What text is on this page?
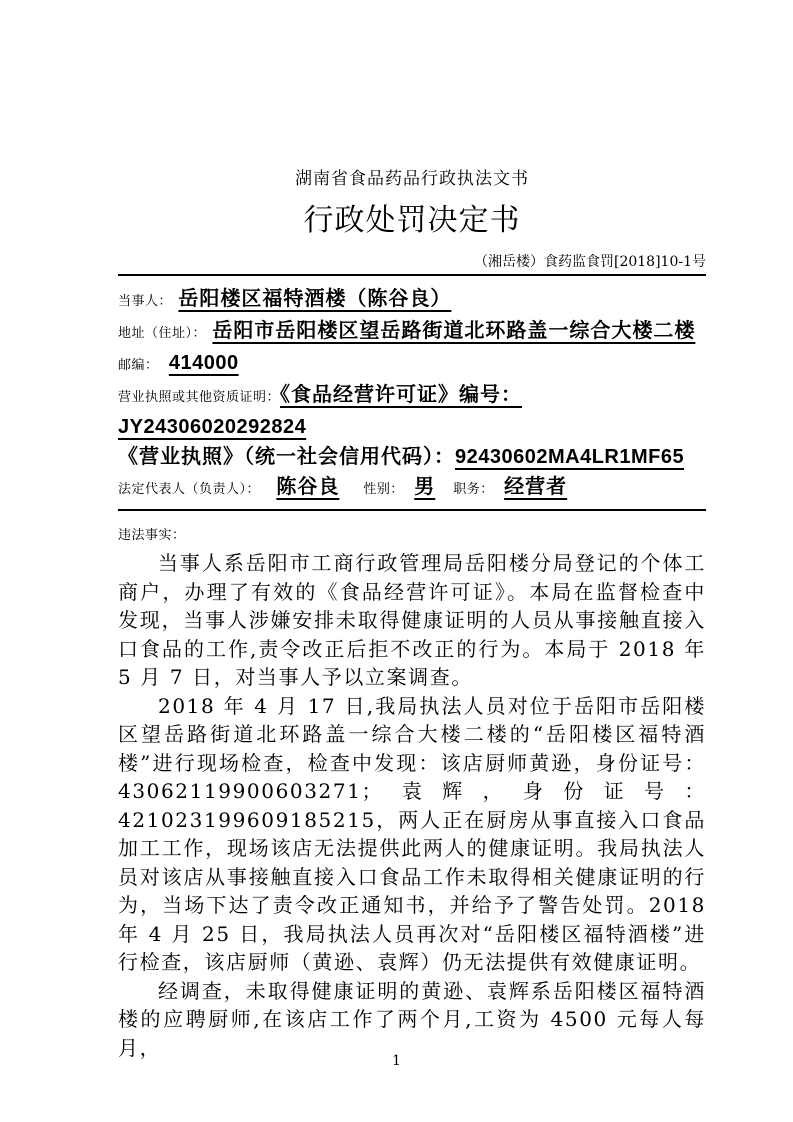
湖南省食品药品行政执法文书
行政处罚决定书
（湘岳楼）食药监食罚[2018]10-1号
当事人： 岳阳楼区福特酒楼（陈谷良）
地址（住址）： 岳阳市岳阳楼区望岳路街道北环路盖一综合大楼二楼
邮编： 414000
营业执照或其他资质证明：《食品经营许可证》编号：JY24306020292824
《营业执照》（统一社会信用代码）：92430602MA4LR1MF65
法定代表人（负责人）： 陈谷良 性别： 男 职务： 经营者
违法事实：

当事人系岳阳市工商行政管理局岳阳楼分局登记的个体工商户，办理了有效的《食品经营许可证》。本局在监督检查中发现，当事人涉嫌安排未取得健康证明的人员从事接触直接入口食品的工作,责令改正后拒不改正的行为。本局于 2018 年 5 月 7 日，对当事人予以立案调查。

2018 年 4 月 17 日,我局执法人员对位于岳阳市岳阳楼区望岳路街道北环路盖一综合大楼二楼的“岳阳楼区福特酒楼”进行现场检查，检查中发现：该店厨师黄逊，身份证号：43062119900603271；袁辉，身份证号：421023199609185215，两人正在厨房从事直接入口食品加工工作，现场该店无法提供此两人的健康证明。我局执法人员对该店从事接触直接入口食品工作未取得相关健康证明的行为，当场下达了责令改正通知书，并给予了警告处罚。2018 年 4 月 25 日，我局执法人员再次对“岳阳楼区福特酒楼”进行检查，该店厨师（黄逊、袁辉）仍无法提供有效健康证明。

经调查，未取得健康证明的黄逊、袁辉系岳阳楼区福特酒楼的应聘厨师,在该店工作了两个月,工资为 4500 元每人每月，

1
